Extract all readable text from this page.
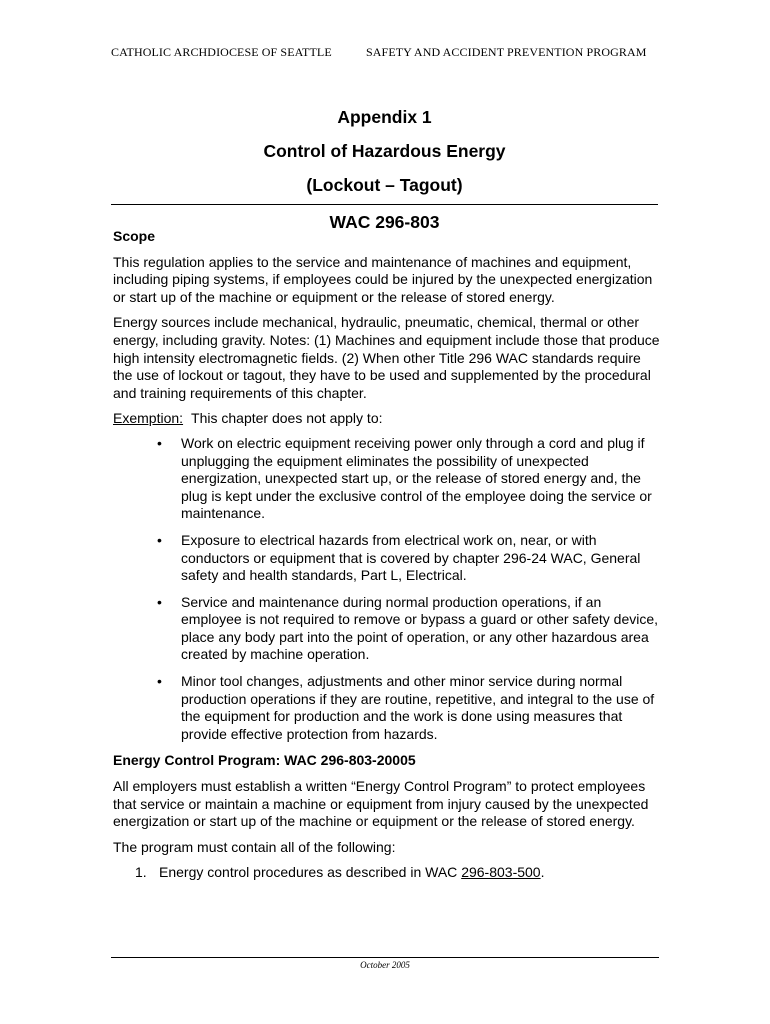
CATHOLIC ARCHDIOCESE OF SEATTLE	SAFETY AND ACCIDENT PREVENTION PROGRAM
Appendix 1
Control of Hazardous Energy
(Lockout – Tagout)
WAC 296-803
Scope

This regulation applies to the service and maintenance of machines and equipment, including piping systems, if employees could be injured by the unexpected energization or start up of the machine or equipment or the release of stored energy.

Energy sources include mechanical, hydraulic, pneumatic, chemical, thermal or other energy, including gravity. Notes: (1) Machines and equipment include those that produce high intensity electromagnetic fields. (2) When other Title 296 WAC standards require the use of lockout or tagout, they have to be used and supplemented by the procedural and training requirements of this chapter.

Exemption: This chapter does not apply to:
• Work on electric equipment receiving power only through a cord and plug if unplugging the equipment eliminates the possibility of unexpected energization, unexpected start up, or the release of stored energy and, the plug is kept under the exclusive control of the employee doing the service or maintenance.
• Exposure to electrical hazards from electrical work on, near, or with conductors or equipment that is covered by chapter 296-24 WAC, General safety and health standards, Part L, Electrical.
• Service and maintenance during normal production operations, if an employee is not required to remove or bypass a guard or other safety device, place any body part into the point of operation, or any other hazardous area created by machine operation.
• Minor tool changes, adjustments and other minor service during normal production operations if they are routine, repetitive, and integral to the use of the equipment for production and the work is done using measures that provide effective protection from hazards.
Energy Control Program: WAC 296-803-20005

All employers must establish a written “Energy Control Program” to protect employees that service or maintain a machine or equipment from injury caused by the unexpected energization or start up of the machine or equipment or the release of stored energy.

The program must contain all of the following:

1. Energy control procedures as described in WAC 296-803-500.
October 2005
